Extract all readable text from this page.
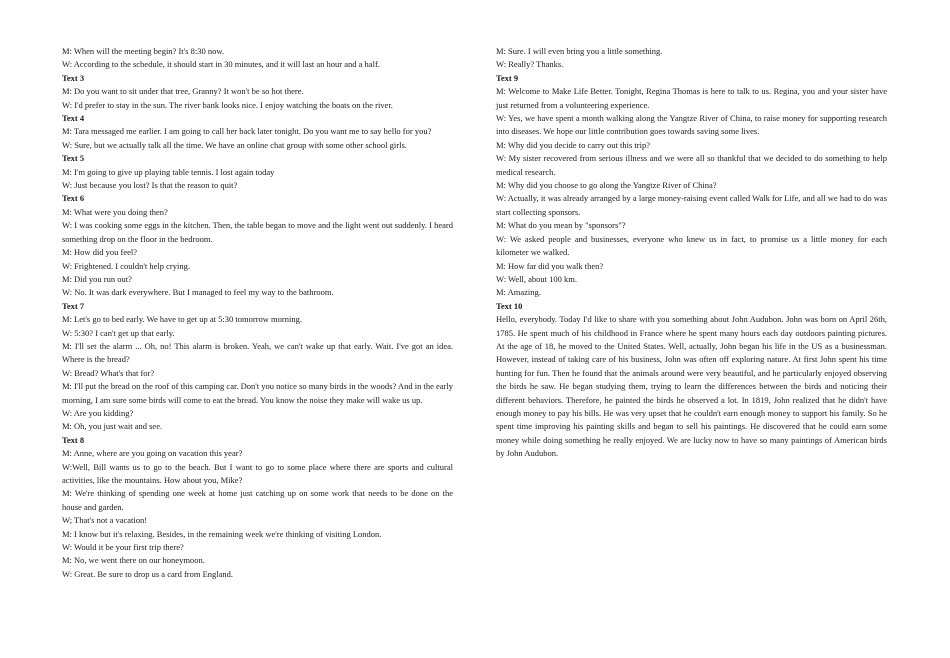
M: When will the meeting begin? It's 8:30 now.

W: According to the schedule, it should start in 30 minutes, and it will last an hour and a half.

Text 3

M: Do you want to sit under that tree, Granny? It won't be so hot there.

W: I'd prefer to stay in the sun. The river bank looks nice. I enjoy watching the boats on the river.

Text 4

M: Tara messaged me earlier. I am going to call her back later tonight. Do you want me to say hello for you?

W: Sure, but we actually talk all the time. We have an online chat group with some other school girls.

Text 5

M: I'm going to give up playing table tennis. I lost again today

W: Just because you lost? Is that the reason to quit?

Text 6

M: What were you doing then?

W: I was cooking some eggs in the kitchen. Then, the table began to move and the light went out suddenly. I heard something drop on the floor in the bedroom.

M: How did you feel?

W: Frightened. I couldn't help crying.

M: Did you run out?

W: No. It was dark everywhere. But I managed to feel my way to the bathroom.

Text 7

M: Let's go to bed early. We have to get up at 5:30 tomorrow morning.

W: 5:30? I can't get up that early.

M: I'll set the alarm ... Oh, no! This alarm is broken. Yeah, we can't wake up that early. Wait. I've got an idea. Where is the bread?

W: Bread? What's that for?

M: I'll put the bread on the roof of this camping car. Don't you notice so many birds in the woods? And in the early morning, I am sure some birds will come to eat the bread. You know the noise they make will wake us up.

W: Are you kidding?

M: Oh, you just wait and see.

Text 8

M: Anne, where are you going on vacation this year?

W:Well, Bill wants us to go to the beach. But I want to go to some place where there are sports and cultural activities, like the mountains. How about you, Mike?

M: We're thinking of spending one week at home just catching up on some work that needs to be done on the house and garden.

W; That's not a vacation!

M: I know but it's relaxing. Besides, in the remaining week we're thinking of visiting London.

W: Would it be your first trip there?

M: No, we went there on our honeymoon.

W: Great. Be sure to drop us a card from England.

M: Sure. I will even bring you a little something.

W: Really? Thanks.

Text 9

M: Welcome to Make Life Better. Tonight, Regina Thomas is here to talk to us. Regina, you and your sister have just returned from a volunteering experience.

W: Yes, we have spent a month walking along the Yangtze River of China, to raise money for supporting research into diseases. We hope our little contribution goes towards saving some lives.

M: Why did you decide to carry out this trip?

W: My sister recovered from serious illness and we were all so thankful that we decided to do something to help medical research.

M: Why did you choose to go along the Yangtze River of China?

W: Actually, it was already arranged by a large money-raising event called Walk for Life, and all we had to do was start collecting sponsors.

M: What do you mean by "sponsors"?

W: We asked people and businesses, everyone who knew us in fact, to promise us a little money for each kilometer we walked.

M: How far did you walk then?

W: Well, about 100 km.

M: Amazing.

Text 10

Hello, everybody. Today I'd like to share with you something about John Audubon. John was born on April 26th, 1785. He spent much of his childhood in France where he spent many hours each day outdoors painting pictures. At the age of 18, he moved to the United States. Well, actually, John began his life in the US as a businessman. However, instead of taking care of his business, John was often off exploring nature. At first John spent his time hunting for fun. Then he found that the animals around were very beautiful, and he particularly enjoyed observing the birds he saw. He began studying them, trying to learn the differences between the birds and noticing their different behaviors. Therefore, he painted the birds he observed a lot. In 1819, John realized that he didn't have enough money to pay his bills. He was very upset that he couldn't earn enough money to support his family. So he spent time improving his painting skills and began to sell his paintings. He discovered that he could earn some money while doing something he really enjoyed. We are lucky now to have so many paintings of American birds by John Audubon.
